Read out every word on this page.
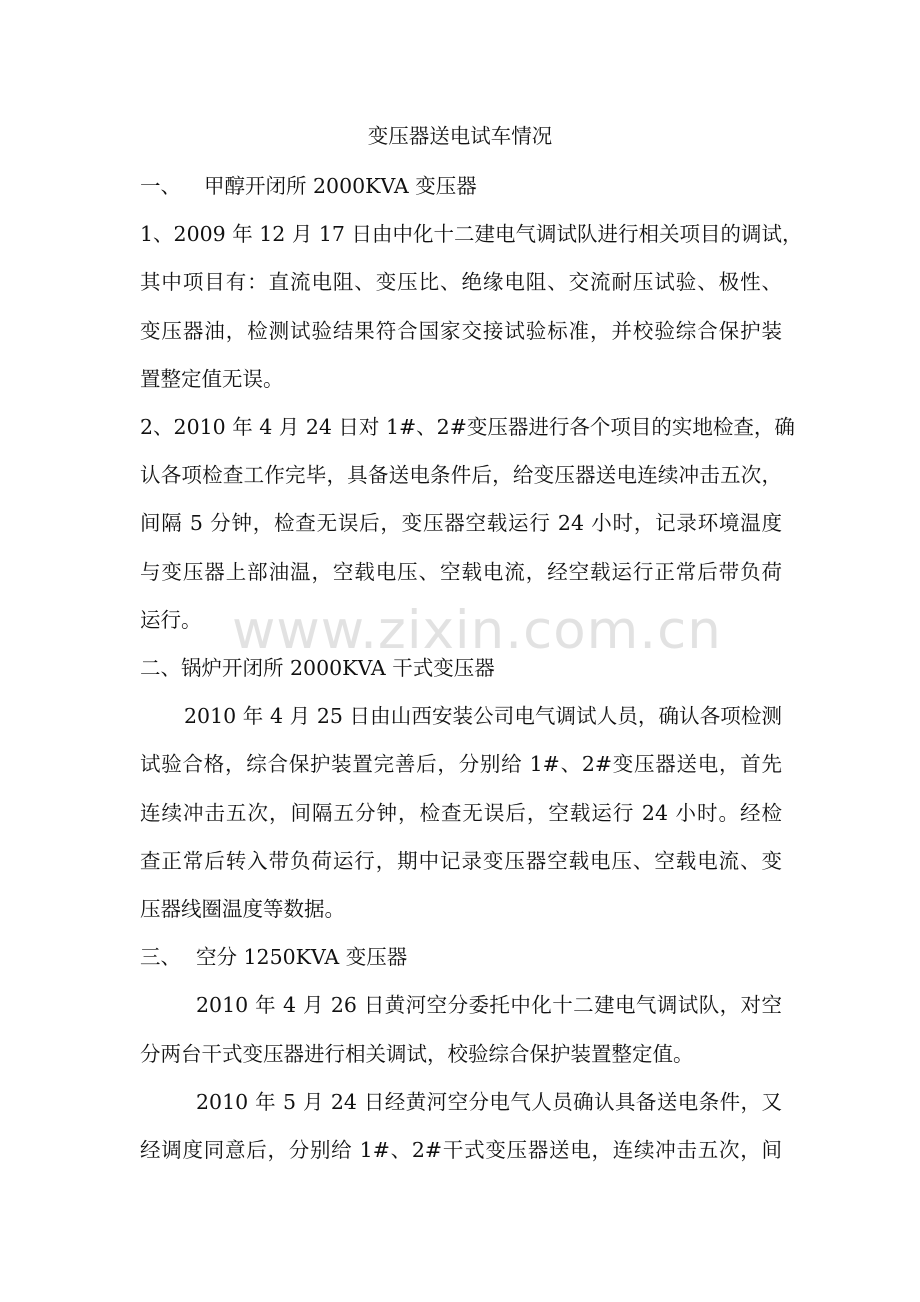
www.zixin.com.cn
变压器送电试车情况
一、 甲醇开闭所 2000KVA 变压器
1、2009 年 12 月 17 日由中化十二建电气调试队进行相关项目的调试，
其中项目有：直流电阻、变压比、绝缘电阻、交流耐压试验、极性、
变压器油，检测试验结果符合国家交接试验标准，并校验综合保护装
置整定值无误。
2、2010 年 4 月 24 日对 1#、2#变压器进行各个项目的实地检查，确
认各项检查工作完毕，具备送电条件后，给变压器送电连续冲击五次，
间隔 5 分钟，检查无误后，变压器空载运行 24 小时，记录环境温度
与变压器上部油温，空载电压、空载电流，经空载运行正常后带负荷
运行。
二、锅炉开闭所 2000KVA 干式变压器
2010 年 4 月 25 日由山西安装公司电气调试人员，确认各项检测
试验合格，综合保护装置完善后，分别给 1#、2#变压器送电，首先
连续冲击五次，间隔五分钟，检查无误后，空载运行 24 小时。经检
查正常后转入带负荷运行，期中记录变压器空载电压、空载电流、变
压器线圈温度等数据。
三、 空分 1250KVA 变压器
2010 年 4 月 26 日黄河空分委托中化十二建电气调试队，对空
分两台干式变压器进行相关调试，校验综合保护装置整定值。
2010 年 5 月 24 日经黄河空分电气人员确认具备送电条件，又
经调度同意后，分别给 1#、2#干式变压器送电，连续冲击五次，间
